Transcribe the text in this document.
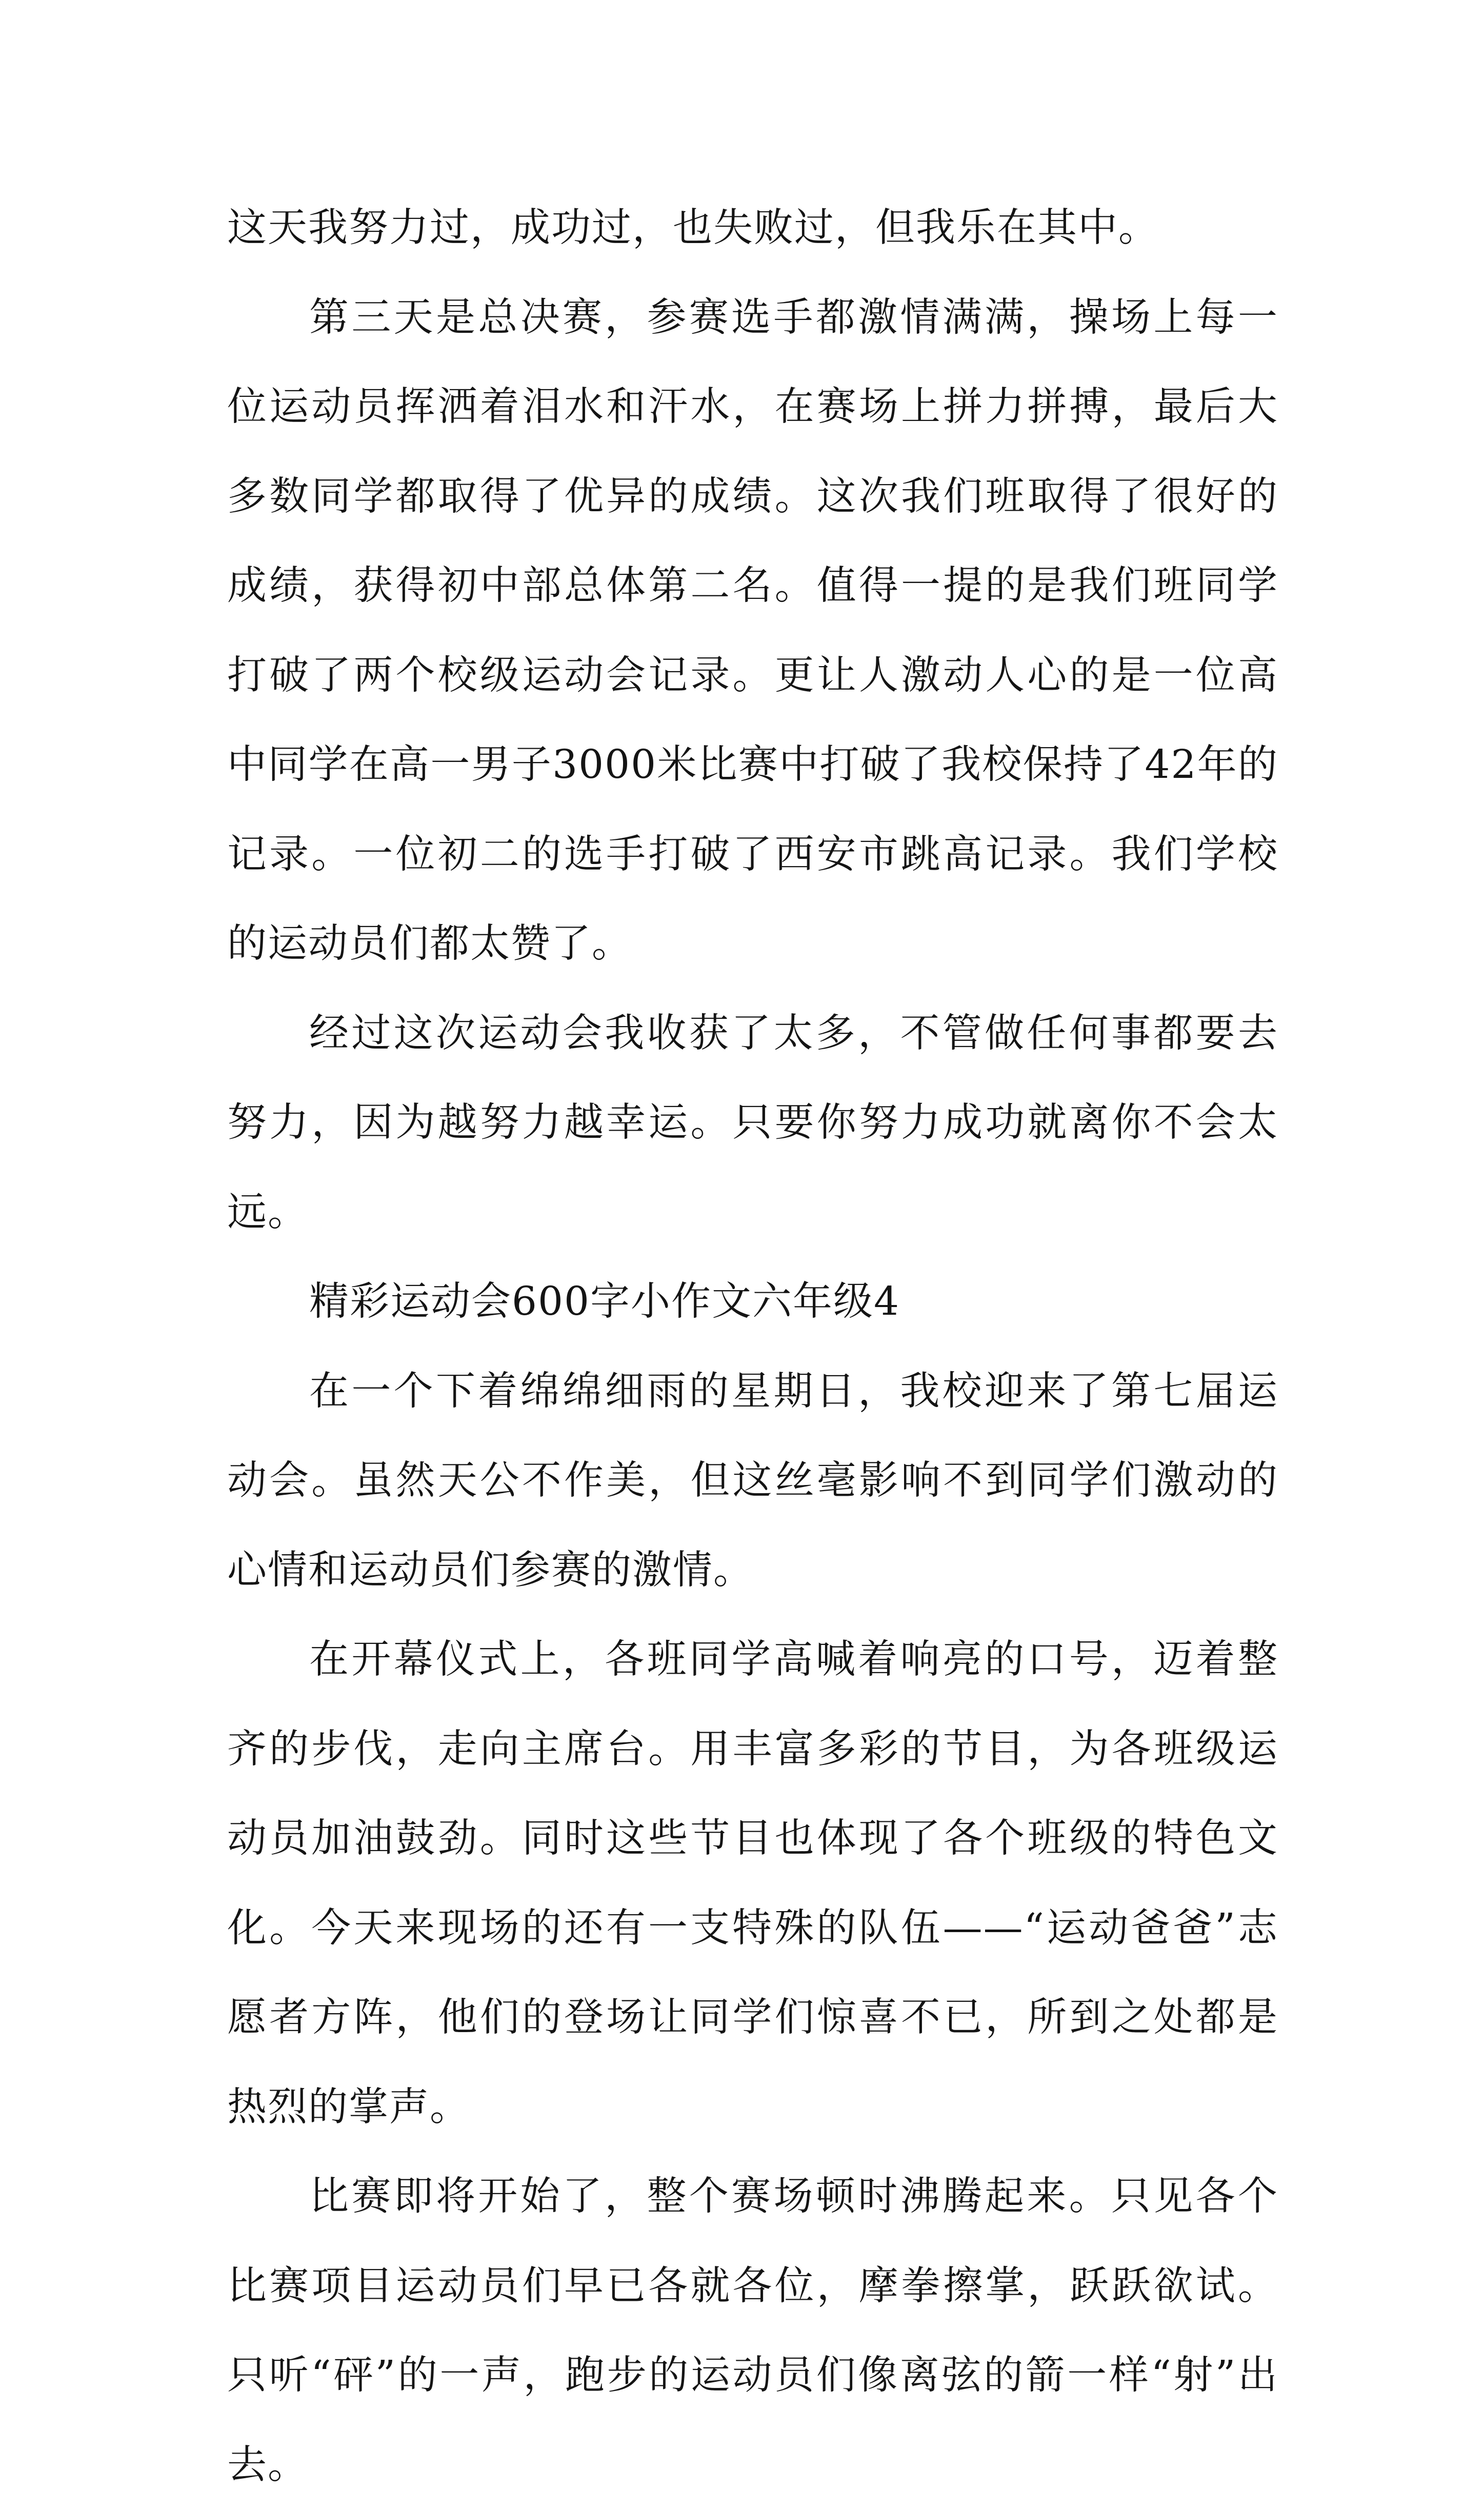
这天我努力过，成功过，也失败过，但我乐在其中。

第三天是总决赛，参赛选手都激情满满，操场上每一位运动员挥洒着泪水和汗水，在赛场上拼力拼搏，最后大多数同学都取得了优异的成绩。这次我们班取得了很好的成绩，获得初中部总体第二名。值得一提的是我们班同学打破了两个校级运动会记录。更让人激动人心的是一位高中同学在高一男子3000米比赛中打破了我校保持了42年的记录。一位初二的选手打破了西安市跳高记录。我们学校的运动员们都太赞了。

经过这次运动会我收获了太多，不管做任何事都要去努力，因为越努力越幸运。只要你努力成功就离你不会太远。

精彩运动会600字小作文六年级4

在一个下着绵绵细雨的星期日，我校迎来了第七届运动会。虽然天公不作美，但这丝毫影响不到同学们激动的心情和运动员们参赛的激情。

在开幕仪式上，各班同学高喊着响亮的口号，迈着整齐的步伐，走向主席台。用丰富多彩的节目，为各班级运动员加油鼓劲。同时这些节目也体现了各个班级的特色文化。今天来现场的还有一支特殊的队伍——“运动爸爸”志愿者方阵，他们的登场让同学们惊喜不已，所到之处都是热烈的掌声。

比赛即将开始了，整个赛场顿时沸腾起来。只见各个比赛项目运动员们早已各就各位，摩拳擦掌，跃跃欲试。只听“砰”的一声，跑步的运动员们像离弦的箭一样“射”出去。
